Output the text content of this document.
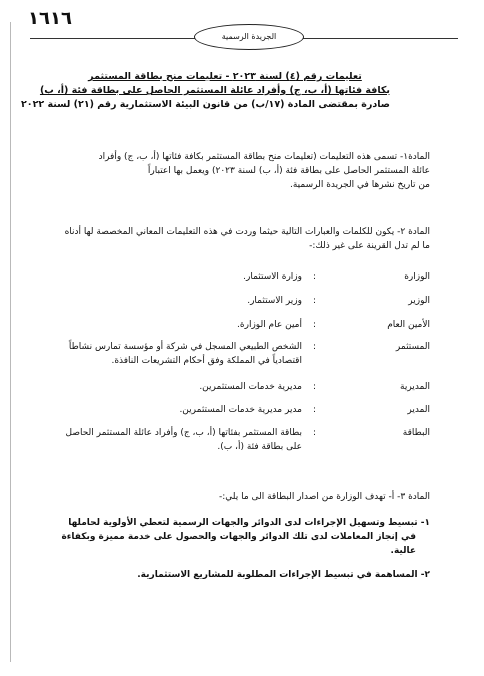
١٦١٦
الجريدة الرسمية
تعليمات رقم (٤) لسنة ٢٠٢٣ - تعليمات منح بطاقة المستثمر
بكافة فئاتها (أ، ب، ج) وأفراد عائلة المستثمر الحاصل على بطاقة فئة (أ، ب)
صادرة بمقتضى المادة (١٧/ب) من قانون البيئة الاستثمارية رقم (٢١) لسنة ٢٠٢٢
المادة١- تسمى هذه التعليمات (تعليمات منح بطاقة المستثمر بكافة فئاتها (أ، ب، ج) وأفراد
عائلة المستثمر الحاصل على بطاقة فئة (أ، ب) لسنة ٢٠٢٣) ويعمل بها اعتباراً
من تاريخ نشرها في الجريدة الرسمية.
المادة ٢- يكون للكلمات والعبارات التالية حيثما وردت في هذه التعليمات المعاني المخصصة لها أدناه
ما لم تدل القرينة على غير ذلك:-
الوزارة
:
وزارة الاستثمار.
الوزير
:
وزير الاستثمار.
الأمين العام
:
أمين عام الوزارة.
المستثمر
:
الشخص الطبيعي المسجل في شركة أو مؤسسة تمارس نشاطاً
اقتصادياً في المملكة وفق أحكام التشريعات النافذة.
المديرية
:
مديرية خدمات المستثمرين.
المدير
:
مدير مديرية خدمات المستثمرين.
البطاقة
:
بطاقة المستثمر بفئاتها (أ، ب، ج) وأفراد عائلة المستثمر الحاصل
على بطاقة فئة (أ، ب).
المادة ٣- أ- تهدف الوزارة من اصدار البطاقة الى ما يلي:-
١- تبسيط وتسهيل الإجراءات لدى الدوائر والجهات الرسمية لتعطي الأولوية لحاملها
في إنجاز المعاملات لدى تلك الدوائر والجهات والحصول على خدمة مميزة وبكفاءة
عالية.
٢- المساهمة في تبسيط الإجراءات المطلوبة للمشاريع الاستثمارية.
